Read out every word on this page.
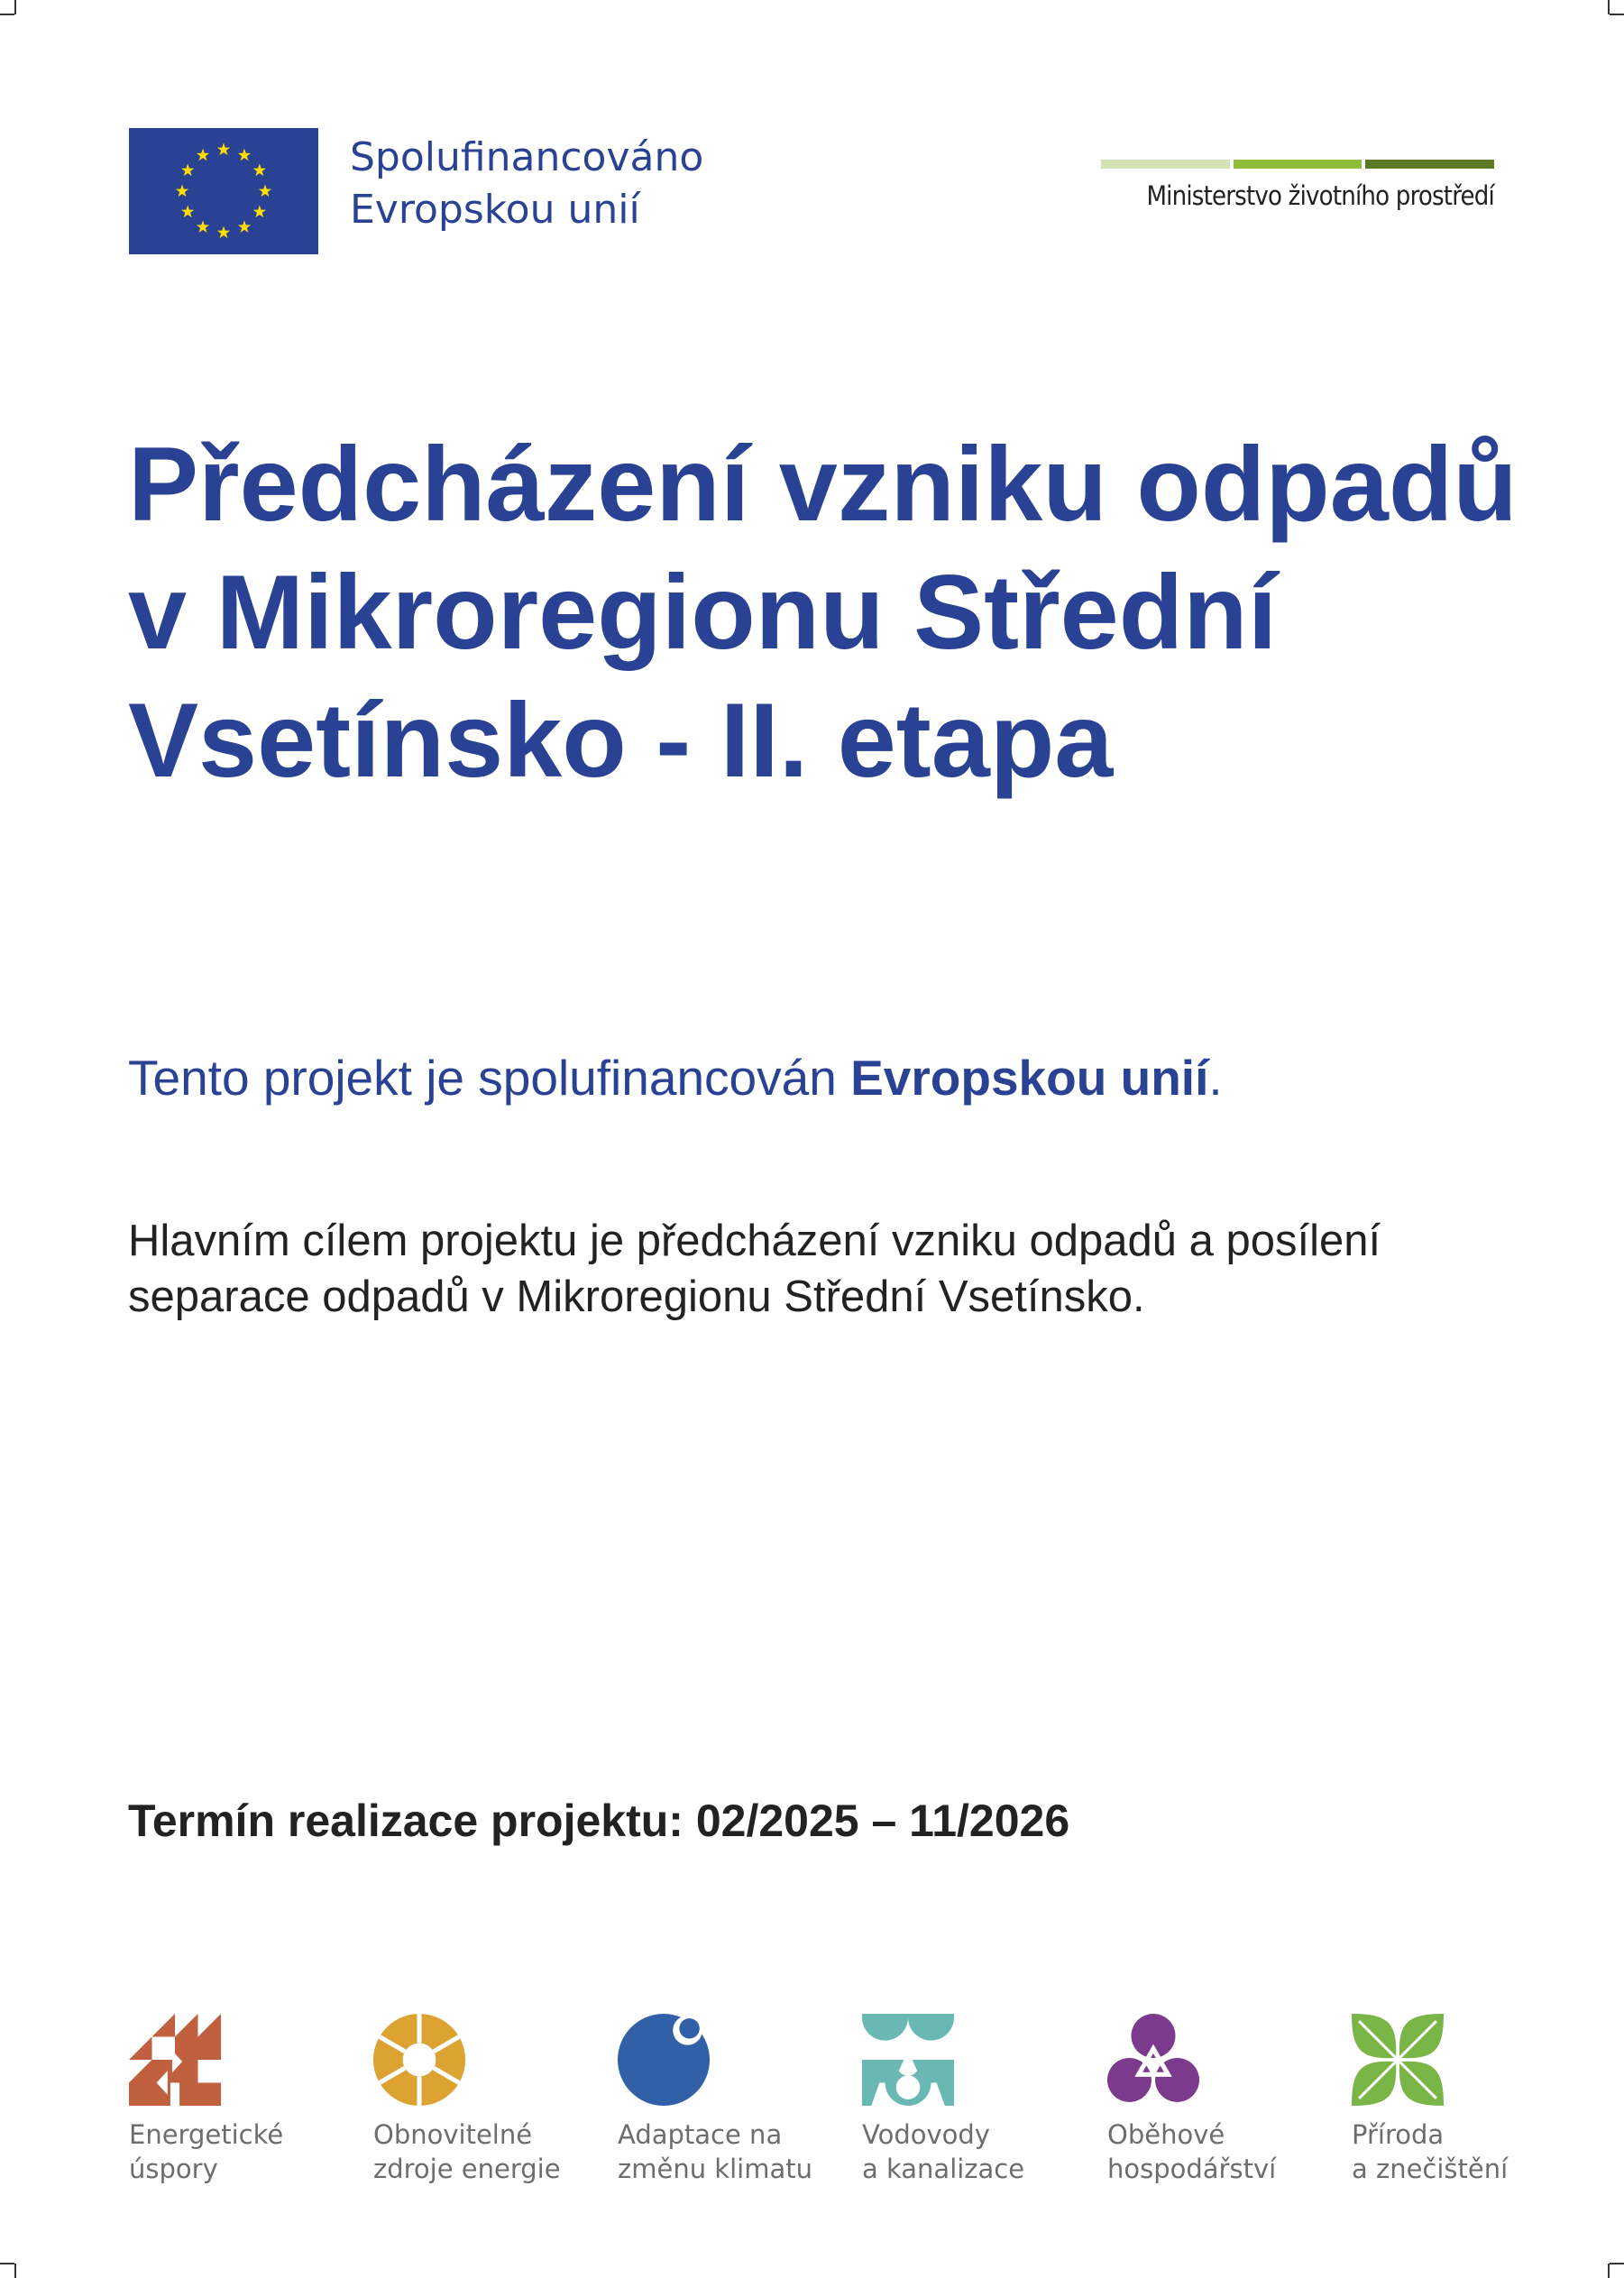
Spolufinancováno
Evropskou unií	Ministerstvo životního prostředí
Předcházení vzniku odpadů v Mikroregionu Střední Vsetínsko - II. etapa

Tento projekt je spolufinancován Evropskou unií.

Hlavním cílem projektu je předcházení vzniku odpadů a posílení separace odpadů v Mikroregionu Střední Vsetínsko.

Termín realizace projektu: 02/2025 – 11/2026

Energetické
úspory
Obnovitelné
zdroje energie
Adaptace na
změnu klimatu
Vodovody
a kanalizace
Oběhové
hospodářství
Příroda
a znečištění
